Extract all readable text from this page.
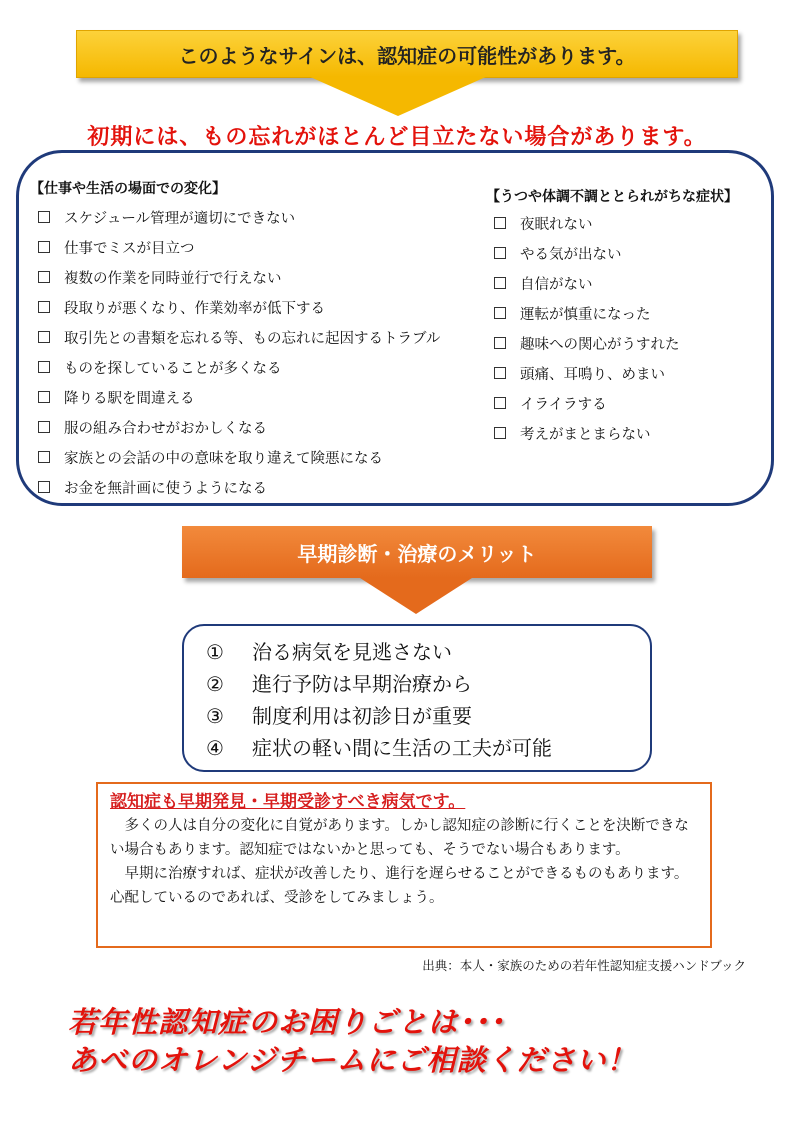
このようなサインは、認知症の可能性があります。
初期には、もの忘れがほとんど目立たない場合があります。
【仕事や生活の場面での変化】
スケジュール管理が適切にできない
仕事でミスが目立つ
複数の作業を同時並行で行えない
段取りが悪くなり、作業効率が低下する
取引先との書類を忘れる等、もの忘れに起因するトラブル
ものを探していることが多くなる
降りる駅を間違える
服の組み合わせがおかしくなる
家族との会話の中の意味を取り違えて険悪になる
お金を無計画に使うようになる
【うつや体調不調ととられがちな症状】
夜眠れない
やる気が出ない
自信がない
運転が慎重になった
趣味への関心がうすれた
頭痛、耳鳴り、めまい
イライラする
考えがまとまらない
早期診断・治療のメリット
① 治る病気を見逃さない
② 進行予防は早期治療から
③ 制度利用は初診日が重要
④ 症状の軽い間に生活の工夫が可能
認知症も早期発見・早期受診すべき病気です。

多くの人は自分の変化に自覚があります。しかし認知症の診断に行くことを決断できない場合もあります。認知症ではないかと思っても、そうでない場合もあります。

早期に治療すれば、症状が改善したり、進行を遅らせることができるものもあります。心配しているのであれば、受診をしてみましょう。

出典：本人・家族のための若年性認知症支援ハンドブック
若年性認知症のお困りごとは･･･
あべのオレンジチームにご相談ください！
